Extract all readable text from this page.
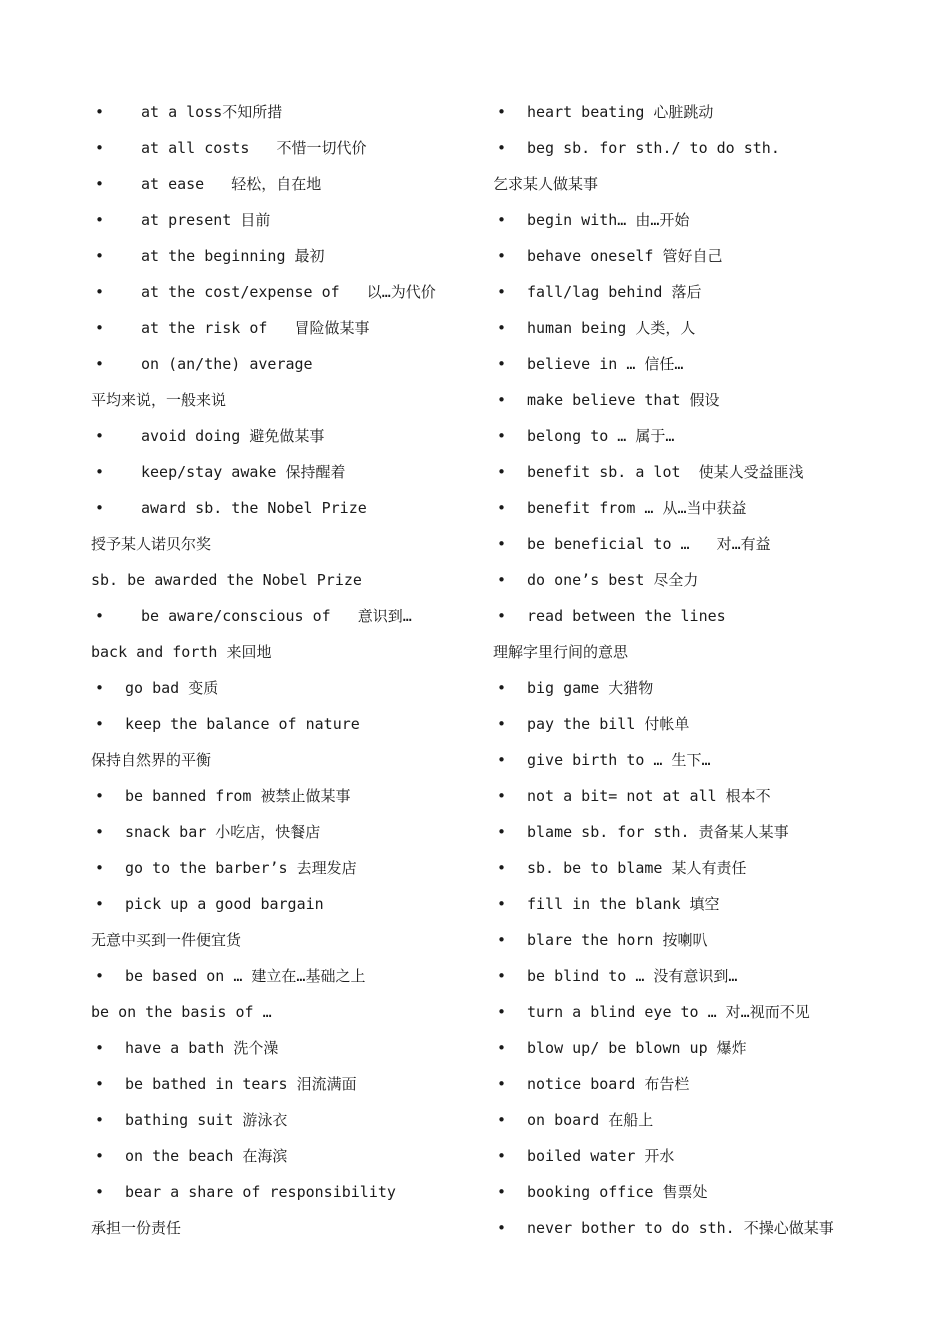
• at a loss不知所措
• at all costs   不惜一切代价
• at ease   轻松，自在地
• at present 目前
• at the beginning 最初
• at the cost/expense of   以…为代价
• at the risk of   冒险做某事
• on (an/the) average
平均来说，一般来说
• avoid doing 避免做某事
• keep/stay awake 保持醒着
• award sb. the Nobel Prize
授予某人诺贝尔奖
sb. be awarded the Nobel Prize
• be aware/conscious of   意识到…
back and forth 来回地
• go bad 变质
• keep the balance of nature
保持自然界的平衡
• be banned from 被禁止做某事
• snack bar 小吃店，快餐店
• go to the barber’s 去理发店
• pick up a good bargain
无意中买到一件便宜货
• be based on … 建立在…基础之上
be on the basis of …
• have a bath 洗个澡
• be bathed in tears 泪流满面
• bathing suit 游泳衣
• on the beach 在海滨
• bear a share of responsibility
承担一份责任
• heart beating 心脏跳动
• beg sb. for sth./ to do sth.
乞求某人做某事
• begin with… 由…开始
• behave oneself 管好自己
• fall/lag behind 落后
• human being 人类，人
• believe in … 信任…
• make believe that 假设
• belong to … 属于…
• benefit sb. a lot  使某人受益匪浅
• benefit from … 从…当中获益
• be beneficial to …   对…有益
• do one’s best 尽全力
• read between the lines
理解字里行间的意思
• big game 大猎物
• pay the bill 付帐单
• give birth to … 生下…
• not a bit= not at all 根本不
• blame sb. for sth. 责备某人某事
• sb. be to blame 某人有责任
• fill in the blank 填空
• blare the horn 按喇叭
• be blind to … 没有意识到…
• turn a blind eye to … 对…视而不见
• blow up/ be blown up 爆炸
• notice board 布告栏
• on board 在船上
• boiled water 开水
• booking office 售票处
• never bother to do sth. 不操心做某事
